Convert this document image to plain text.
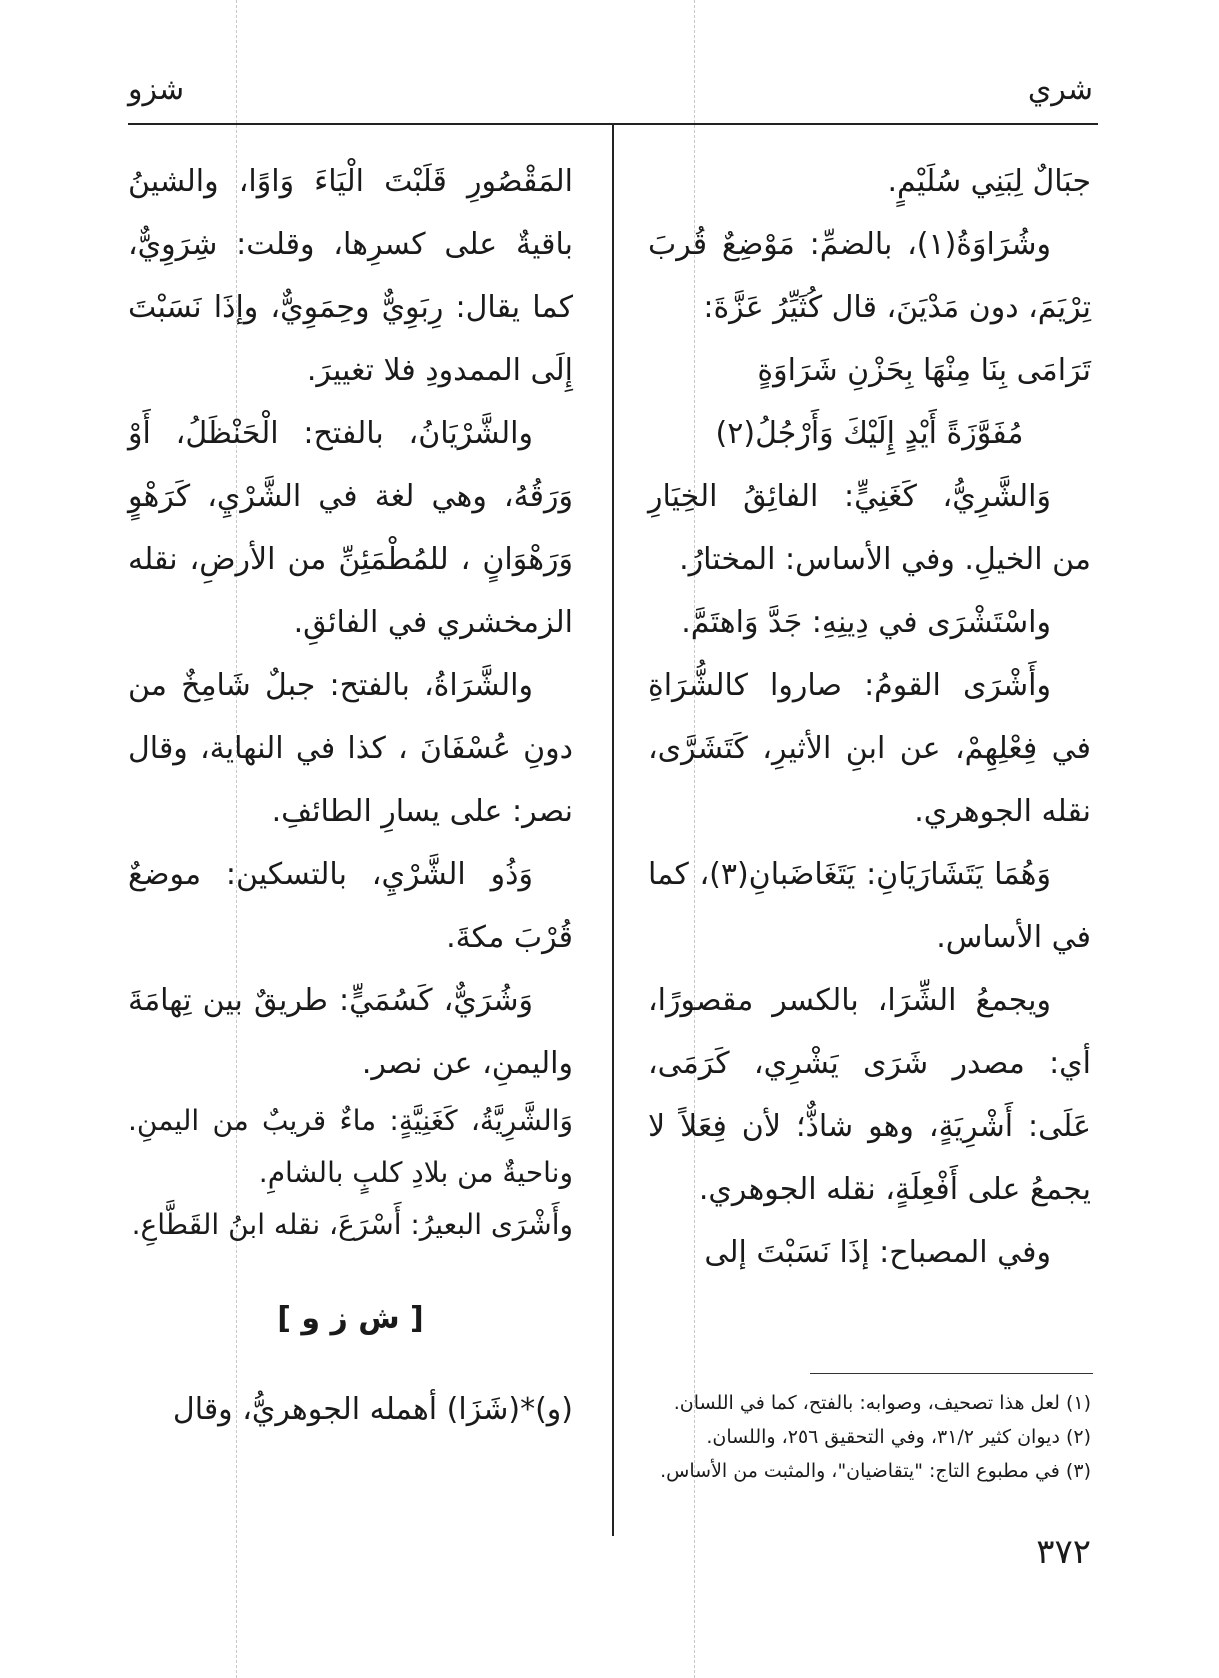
شري
شزو

جبَالٌ لِبَنِي سُلَيْمٍ.

وشُرَاوَةُ(١)، بالضمِّ: مَوْضِعٌ قُربَ تِرْيَمَ، دون مَدْيَنَ، قال كُثَيِّرُ عَزَّةَ:

تَرَامَى بِنَا مِنْهَا بِحَزْنِ شَرَاوَةٍ

مُفَوَّزَةً أَيْدٍ إِلَيْكَ وَأَرْجُلُ(٢)

وَالشَّرِيُّ، كَغَنِيٍّ: الفائِقُ الخِيَارِ من الخيلِ. وفي الأساس: المختارُ.

واسْتَشْرَى في دِينِهِ: جَدَّ وَاهتَمَّ.

وأَشْرَى القومُ: صاروا كالشُّرَاةِ في فِعْلِهِمْ، عن ابنِ الأثيرِ، كَتَشَرَّى، نقله الجوهري.

وَهُمَا يَتَشَارَيَانِ: يَتَغَاضَبانِ(٣)، كما في الأساس.

ويجمعُ الشِّرَا، بالكسر مقصورًا، أي: مصدر شَرَى يَشْرِي، كَرَمَى، عَلَى: أَشْرِيَةٍ، وهو شاذٌّ؛ لأن فِعَلاً لا يجمعُ على أَفْعِلَةٍ، نقله الجوهري.

وفي المصباح: إذَا نَسَبْتَ إلى

المَقْصُورِ قَلَبْتَ الْيَاءَ وَاوًا، والشينُ باقيةٌ على كسرِها، وقلت: شِرَوِيٌّ، كما يقال: رِبَوِيٌّ وحِمَوِيٌّ، وإذَا نَسَبْتَ إِلَى الممدودِ فلا تغييرَ.

والشَّرْيَانُ، بالفتح: الْحَنْظَلُ، أَوْ وَرَقُهُ، وهي لغة في الشَّرْيِ، كَرَهْوٍ وَرَهْوَانٍ ، للمُطْمَئِنِّ من الأرضِ، نقله الزمخشري في الفائقِ.

والشَّرَاةُ، بالفتح: جبلٌ شَامِخٌ من دونِ عُسْفَانَ ، كذا في النهاية، وقال نصر: على يسارِ الطائفِ.

وَذُو الشَّرْيِ، بالتسكين: موضعٌ قُرْبَ مكةَ.

وَشُرَيٌّ، كَسُمَيٍّ: طريقٌ بين تِهامَةَ واليمنِ، عن نصر.

وَالشَّرِيَّةُ، كَغَنِيَّةٍ: ماءٌ قريبٌ من اليمنِ. وناحيةٌ من بلادِ كلبٍ بالشامِ.

وأَشْرَى البعيرُ: أَسْرَعَ، نقله ابنُ القَطَّاعِ.

[ ش ز و ]

(و)*(شَزَا) أهمله الجوهريُّ، وقال	(١) لعل هذا تصحيف، وصوابه: بالفتح، كما في اللسان.

(٢) ديوان كثير ٣١/٢، وفي التحقيق ٢٥٦، واللسان.

(٣) في مطبوع التاج: "يتقاضيان"، والمثبت من الأساس.

٣٧٢
